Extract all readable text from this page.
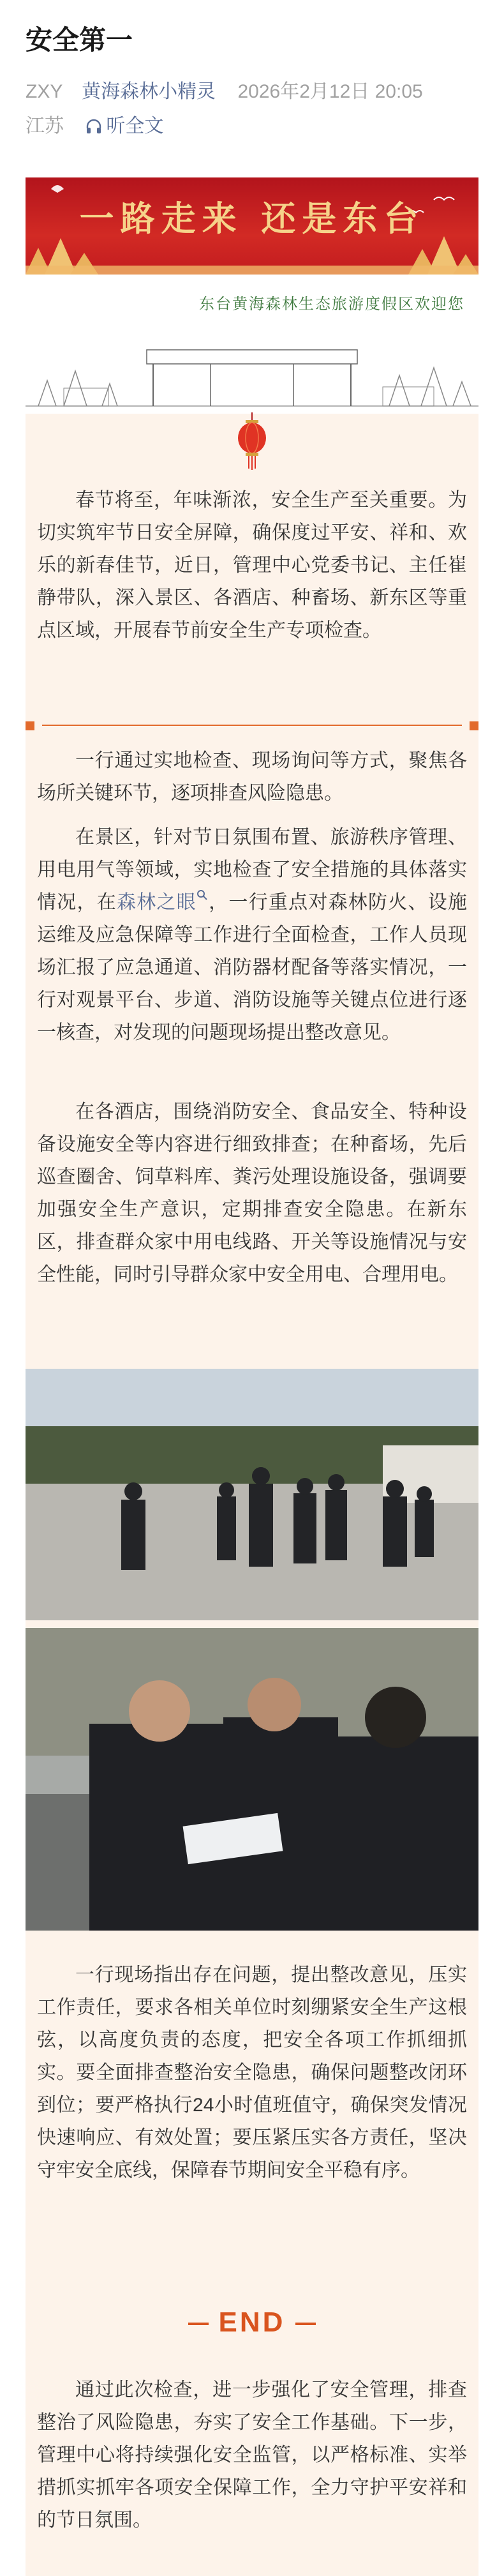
安全第一
ZXY 黄海森林小精灵 2026年2月12日 20:05
江苏 听全文
一路走来 还是东台
东台黄海森林生态旅游度假区欢迎您

春节将至，年味渐浓，安全生产至关重要。为切实筑牢节日安全屏障，确保度过平安、祥和、欢乐的新春佳节，近日，管理中心党委书记、主任崔静带队，深入景区、各酒店、种畜场、新东区等重点区域，开展春节前安全生产专项检查。

一行通过实地检查、现场询问等方式，聚焦各场所关键环节，逐项排查风险隐患。

在景区，针对节日氛围布置、旅游秩序管理、用电用气等领域，实地检查了安全措施的具体落实情况，在森林之眼 ，一行重点对森林防火、设施运维及应急保障等工作进行全面检查，工作人员现场汇报了应急通道、消防器材配备等落实情况，一行对观景平台、步道、消防设施等关键点位进行逐一核查，对发现的问题现场提出整改意见。

在各酒店，围绕消防安全、食品安全、特种设备设施安全等内容进行细致排查；在种畜场，先后巡查圈舍、饲草料库、粪污处理设施设备，强调要加强安全生产意识，定期排查安全隐患。在新东区，排查群众家中用电线路、开关等设施情况与安全性能，同时引导群众家中安全用电、合理用电。

一行现场指出存在问题，提出整改意见，压实工作责任，要求各相关单位时刻绷紧安全生产这根弦，以高度负责的态度，把安全各项工作抓细抓实。要全面排查整治安全隐患，确保问题整改闭环到位；要严格执行24小时值班值守，确保突发情况快速响应、有效处置；要压紧压实各方责任，坚决守牢安全底线，保障春节期间安全平稳有序。

END

通过此次检查，进一步强化了安全管理，排查整治了风险隐患，夯实了安全工作基础。下一步，管理中心将持续强化安全监管，以严格标准、实举措抓实抓牢各项安全保障工作，全力守护平安祥和的节日氛围。
